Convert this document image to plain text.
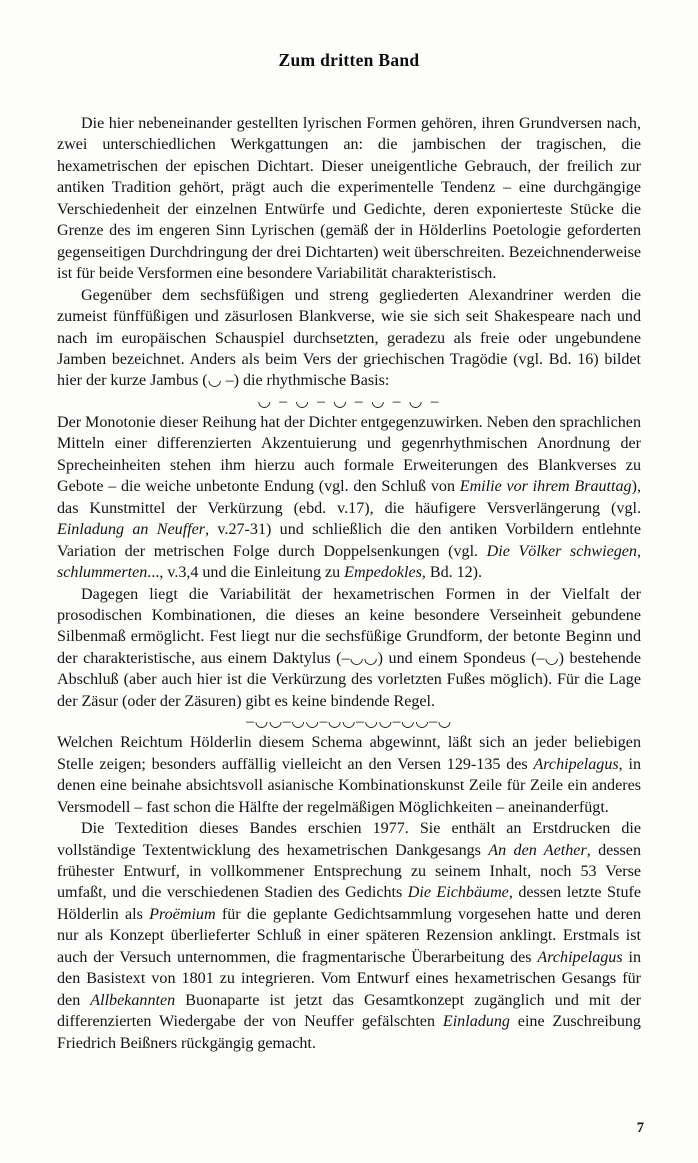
Zum dritten Band

Die hier nebeneinander gestellten lyrischen Formen gehören, ihren Grundversen nach, zwei unterschiedlichen Werkgattungen an: die jambischen der tragischen, die hexametrischen der epischen Dichtart. Dieser uneigentliche Gebrauch, der freilich zur antiken Tradition gehört, prägt auch die experimentelle Tendenz – eine durchgängige Verschiedenheit der einzelnen Entwürfe und Gedichte, deren exponierteste Stücke die Grenze des im engeren Sinn Lyrischen (gemäß der in Hölderlins Poetologie geforderten gegenseitigen Durchdringung der drei Dichtarten) weit überschreiten. Bezeichnenderweise ist für beide Versformen eine besondere Variabilität charakteristisch.

Gegenüber dem sechsfüßigen und streng gegliederten Alexandriner werden die zumeist fünffüßigen und zäsurlosen Blankverse, wie sie sich seit Shakespeare nach und nach im europäischen Schauspiel durchsetzten, geradezu als freie oder ungebundene Jamben bezeichnet. Anders als beim Vers der griechischen Tragödie (vgl. Bd. 16) bildet hier der kurze Jambus (◡ –) die rhythmische Basis:

◡ – ◡ – ◡ – ◡ – ◡ –

Der Monotonie dieser Reihung hat der Dichter entgegenzuwirken. Neben den sprachlichen Mitteln einer differenzierten Akzentuierung und gegenrhythmischen Anordnung der Sprecheinheiten stehen ihm hierzu auch formale Erweiterungen des Blankverses zu Gebote – die weiche unbetonte Endung (vgl. den Schluß von Emilie vor ihrem Brauttag), das Kunstmittel der Verkürzung (ebd. v.17), die häufigere Versverlängerung (vgl. Einladung an Neuffer, v.27-31) und schließlich die den antiken Vorbildern entlehnte Variation der metrischen Folge durch Doppelsenkungen (vgl. Die Völker schwiegen, schlummerten..., v.3,4 und die Einleitung zu Empedokles, Bd. 12).

Dagegen liegt die Variabilität der hexametrischen Formen in der Vielfalt der prosodischen Kombinationen, die dieses an keine besondere Verseinheit gebundene Silbenmaß ermöglicht. Fest liegt nur die sechsfüßige Grundform, der betonte Beginn und der charakteristische, aus einem Daktylus (–◡◡) und einem Spondeus (–◡) bestehende Abschluß (aber auch hier ist die Verkürzung des vorletzten Fußes möglich). Für die Lage der Zäsur (oder der Zäsuren) gibt es keine bindende Regel.

–◡◡–◡◡–◡◡–◡◡–◡◡–◡

Welchen Reichtum Hölderlin diesem Schema abgewinnt, läßt sich an jeder beliebigen Stelle zeigen; besonders auffällig vielleicht an den Versen 129-135 des Archipelagus, in denen eine beinahe absichtsvoll asianische Kombinationskunst Zeile für Zeile ein anderes Versmodell – fast schon die Hälfte der regelmäßigen Möglichkeiten – aneinanderfügt.

Die Textedition dieses Bandes erschien 1977. Sie enthält an Erstdrucken die vollständige Textentwicklung des hexametrischen Dankgesangs An den Aether, dessen frühester Entwurf, in vollkommener Entsprechung zu seinem Inhalt, noch 53 Verse umfaßt, und die verschiedenen Stadien des Gedichts Die Eichbäume, dessen letzte Stufe Hölderlin als Proëmium für die geplante Gedichtsammlung vorgesehen hatte und deren nur als Konzept überlieferter Schluß in einer späteren Rezension anklingt. Erstmals ist auch der Versuch unternommen, die fragmentarische Überarbeitung des Archipelagus in den Basistext von 1801 zu integrieren. Vom Entwurf eines hexametrischen Gesangs für den Allbekannten Buonaparte ist jetzt das Gesamtkonzept zugänglich und mit der differenzierten Wiedergabe der von Neuffer gefälschten Einladung eine Zuschreibung Friedrich Beißners rückgängig gemacht.

7
